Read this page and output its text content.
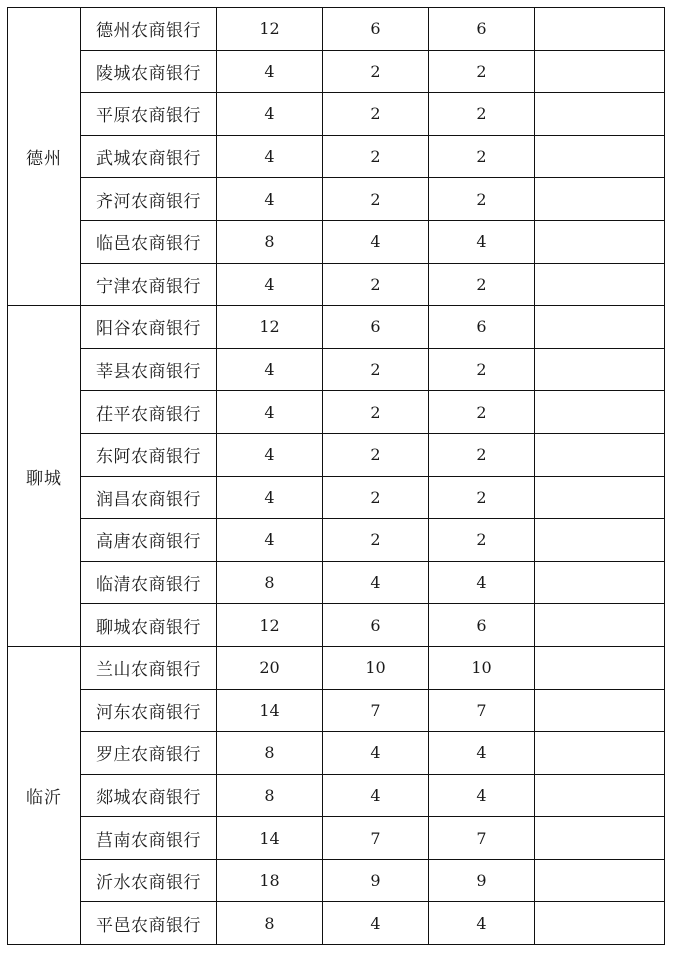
德州	德州农商银行	12	6	6	
	陵城农商银行	4	2	2	
	平原农商银行	4	2	2	
	武城农商银行	4	2	2	
	齐河农商银行	4	2	2	
	临邑农商银行	8	4	4	
	宁津农商银行	4	2	2	
聊城	阳谷农商银行	12	6	6	
	莘县农商银行	4	2	2	
	茌平农商银行	4	2	2	
	东阿农商银行	4	2	2	
	润昌农商银行	4	2	2	
	高唐农商银行	4	2	2	
	临清农商银行	8	4	4	
	聊城农商银行	12	6	6	
临沂	兰山农商银行	20	10	10	
	河东农商银行	14	7	7	
	罗庄农商银行	8	4	4	
	郯城农商银行	8	4	4	
	莒南农商银行	14	7	7	
	沂水农商银行	18	9	9	
	平邑农商银行	8	4	4	
